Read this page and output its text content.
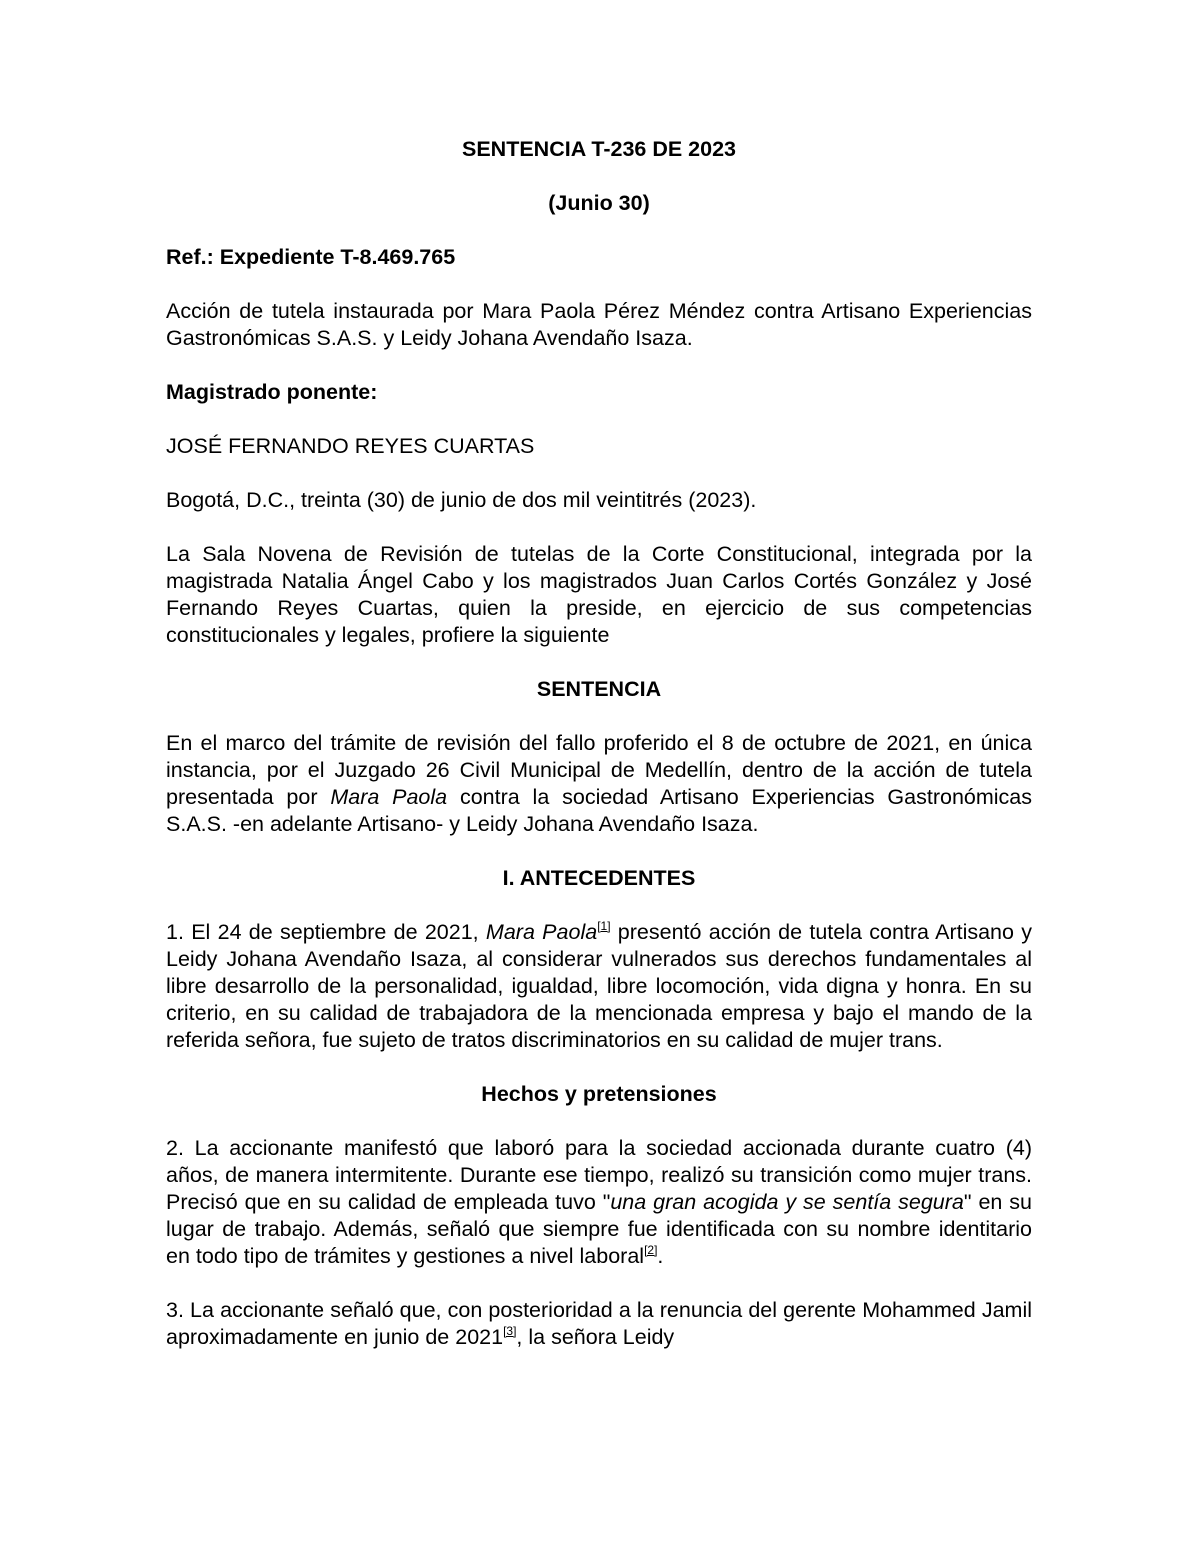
SENTENCIA T-236 DE 2023

(Junio 30)

Ref.: Expediente T-8.469.765

Acción de tutela instaurada por Mara Paola Pérez Méndez contra Artisano Experiencias Gastronómicas S.A.S. y Leidy Johana Avendaño Isaza.

Magistrado ponente:

JOSÉ FERNANDO REYES CUARTAS

Bogotá, D.C., treinta (30) de junio de dos mil veintitrés (2023).

La Sala Novena de Revisión de tutelas de la Corte Constitucional, integrada por la magistrada Natalia Ángel Cabo y los magistrados Juan Carlos Cortés González y José Fernando Reyes Cuartas, quien la preside, en ejercicio de sus competencias constitucionales y legales, profiere la siguiente

SENTENCIA

En el marco del trámite de revisión del fallo proferido el 8 de octubre de 2021, en única instancia, por el Juzgado 26 Civil Municipal de Medellín, dentro de la acción de tutela presentada por Mara Paola contra la sociedad Artisano Experiencias Gastronómicas S.A.S. -en adelante Artisano- y Leidy Johana Avendaño Isaza.

I. ANTECEDENTES

1. El 24 de septiembre de 2021, Mara Paola[1] presentó acción de tutela contra Artisano y Leidy Johana Avendaño Isaza, al considerar vulnerados sus derechos fundamentales al libre desarrollo de la personalidad, igualdad, libre locomoción, vida digna y honra. En su criterio, en su calidad de trabajadora de la mencionada empresa y bajo el mando de la referida señora, fue sujeto de tratos discriminatorios en su calidad de mujer trans.

Hechos y pretensiones

2. La accionante manifestó que laboró para la sociedad accionada durante cuatro (4) años, de manera intermitente. Durante ese tiempo, realizó su transición como mujer trans. Precisó que en su calidad de empleada tuvo "una gran acogida y se sentía segura" en su lugar de trabajo. Además, señaló que siempre fue identificada con su nombre identitario en todo tipo de trámites y gestiones a nivel laboral[2].

3. La accionante señaló que, con posterioridad a la renuncia del gerente Mohammed Jamil aproximadamente en junio de 2021[3], la señora Leidy
